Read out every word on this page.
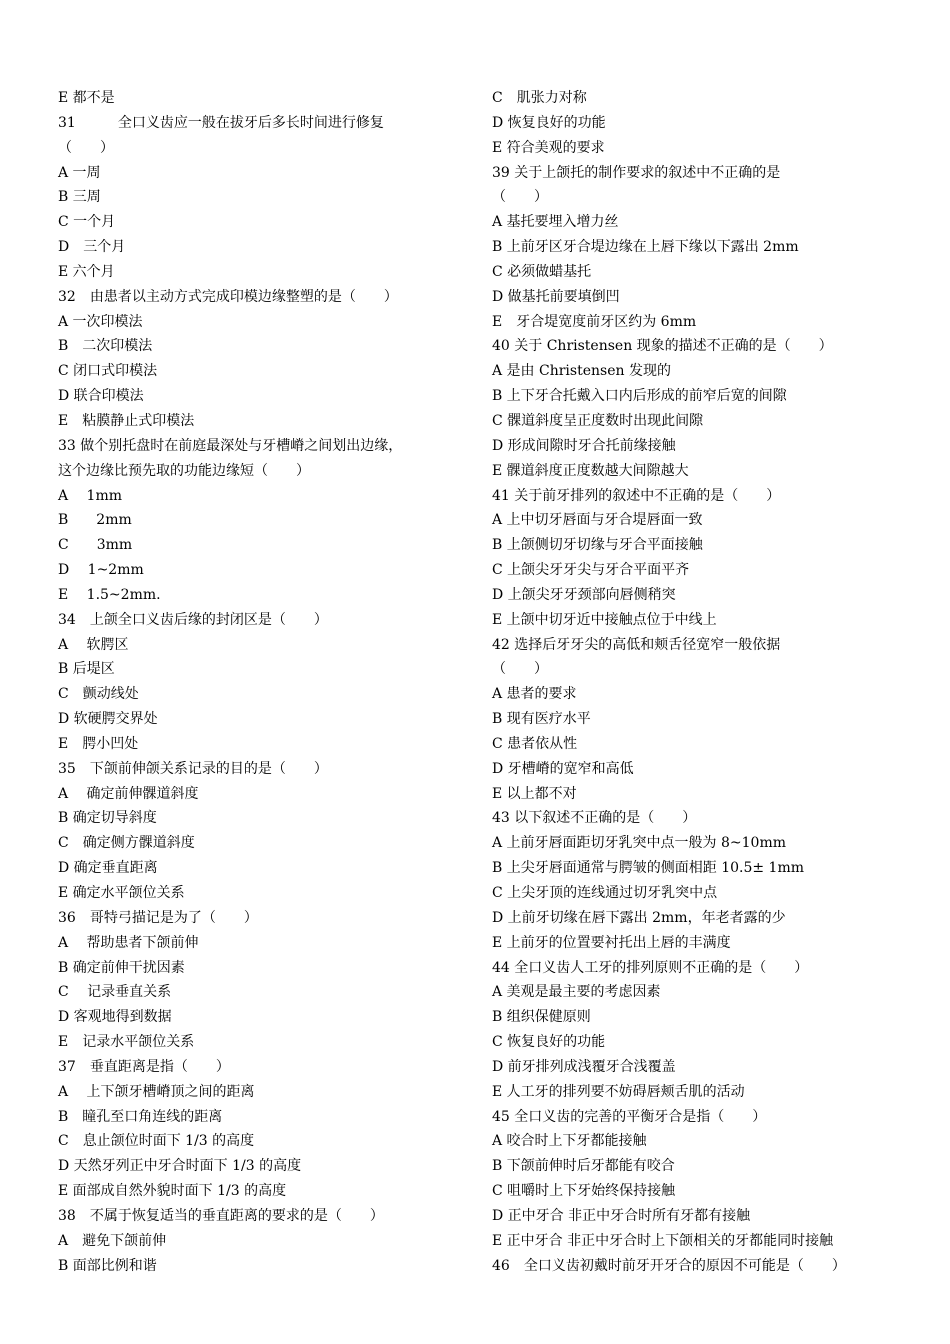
E 都不是
31　　　全口义齿应一般在拔牙后多长时间进行修复
（　　）
A 一周
B 三周
C 一个月
D　三个月
E 六个月
32　由患者以主动方式完成印模边缘整塑的是（　　）
A 一次印模法
B　二次印模法
C 闭口式印模法
D 联合印模法
E　粘膜静止式印模法
33 做个别托盘时在前庭最深处与牙槽嵴之间划出边缘，
这个边缘比预先取的功能边缘短（　　）
A　 1mm
B　　2mm
C　　3mm
D　 1~2mm
E　 1.5~2mm.
34　上颌全口义齿后缘的封闭区是（　　）
A　 软腭区
B 后堤区
C　颤动线处
D 软硬腭交界处
E　腭小凹处
35　下颌前伸颌关系记录的目的是（　　）
A　 确定前伸髁道斜度
B 确定切导斜度
C　确定侧方髁道斜度
D 确定垂直距离
E 确定水平颌位关系
36　哥特弓描记是为了（　　）
A　 帮助患者下颌前伸
B 确定前伸干扰因素
C　 记录垂直关系
D 客观地得到数据
E　记录水平颌位关系
37　垂直距离是指（　　）
A　 上下颌牙槽嵴顶之间的距离
B　瞳孔至口角连线的距离
C　息止颌位时面下 1/3 的高度
D 天然牙列正中牙合时面下 1/3 的高度
E 面部成自然外貌时面下 1/3 的高度
38　不属于恢复适当的垂直距离的要求的是（　　）
A　避免下颌前伸
B 面部比例和谐
C　肌张力对称
D 恢复良好的功能
E 符合美观的要求
39 关于上颌托的制作要求的叙述中不正确的是
（　　）
A 基托要埋入增力丝
B 上前牙区牙合堤边缘在上唇下缘以下露出 2mm
C 必须做蜡基托
D 做基托前要填倒凹
E　牙合堤宽度前牙区约为 6mm
40 关于 Christensen 现象的描述不正确的是（　　）
A 是由 Christensen 发现的
B 上下牙合托戴入口内后形成的前窄后宽的间隙
C 髁道斜度呈正度数时出现此间隙
D 形成间隙时牙合托前缘接触
E 髁道斜度正度数越大间隙越大
41 关于前牙排列的叙述中不正确的是（　　）
A 上中切牙唇面与牙合堤唇面一致
B 上颌侧切牙切缘与牙合平面接触
C 上颌尖牙牙尖与牙合平面平齐
D 上颌尖牙牙颈部向唇侧稍突
E 上颌中切牙近中接触点位于中线上
42 选择后牙牙尖的高低和颊舌径宽窄一般依据
（　　）
A 患者的要求
B 现有医疗水平
C 患者依从性
D 牙槽嵴的宽窄和高低
E 以上都不对
43 以下叙述不正确的是（　　）
A 上前牙唇面距切牙乳突中点一般为 8~10mm
B 上尖牙唇面通常与腭皱的侧面相距 10.5± 1mm
C 上尖牙顶的连线通过切牙乳突中点
D 上前牙切缘在唇下露出 2mm，年老者露的少
E 上前牙的位置要衬托出上唇的丰满度
44 全口义齿人工牙的排列原则不正确的是（　　）
A 美观是最主要的考虑因素
B 组织保健原则
C 恢复良好的功能
D 前牙排列成浅覆牙合浅覆盖
E 人工牙的排列要不妨碍唇颊舌肌的活动
45 全口义齿的完善的平衡牙合是指（　　）
A 咬合时上下牙都能接触
B 下颌前伸时后牙都能有咬合
C 咀嚼时上下牙始终保持接触
D 正中牙合 非正中牙合时所有牙都有接触
E 正中牙合 非正中牙合时上下颌相关的牙都能同时接触
46　全口义齿初戴时前牙开牙合的原因不可能是（　　）
